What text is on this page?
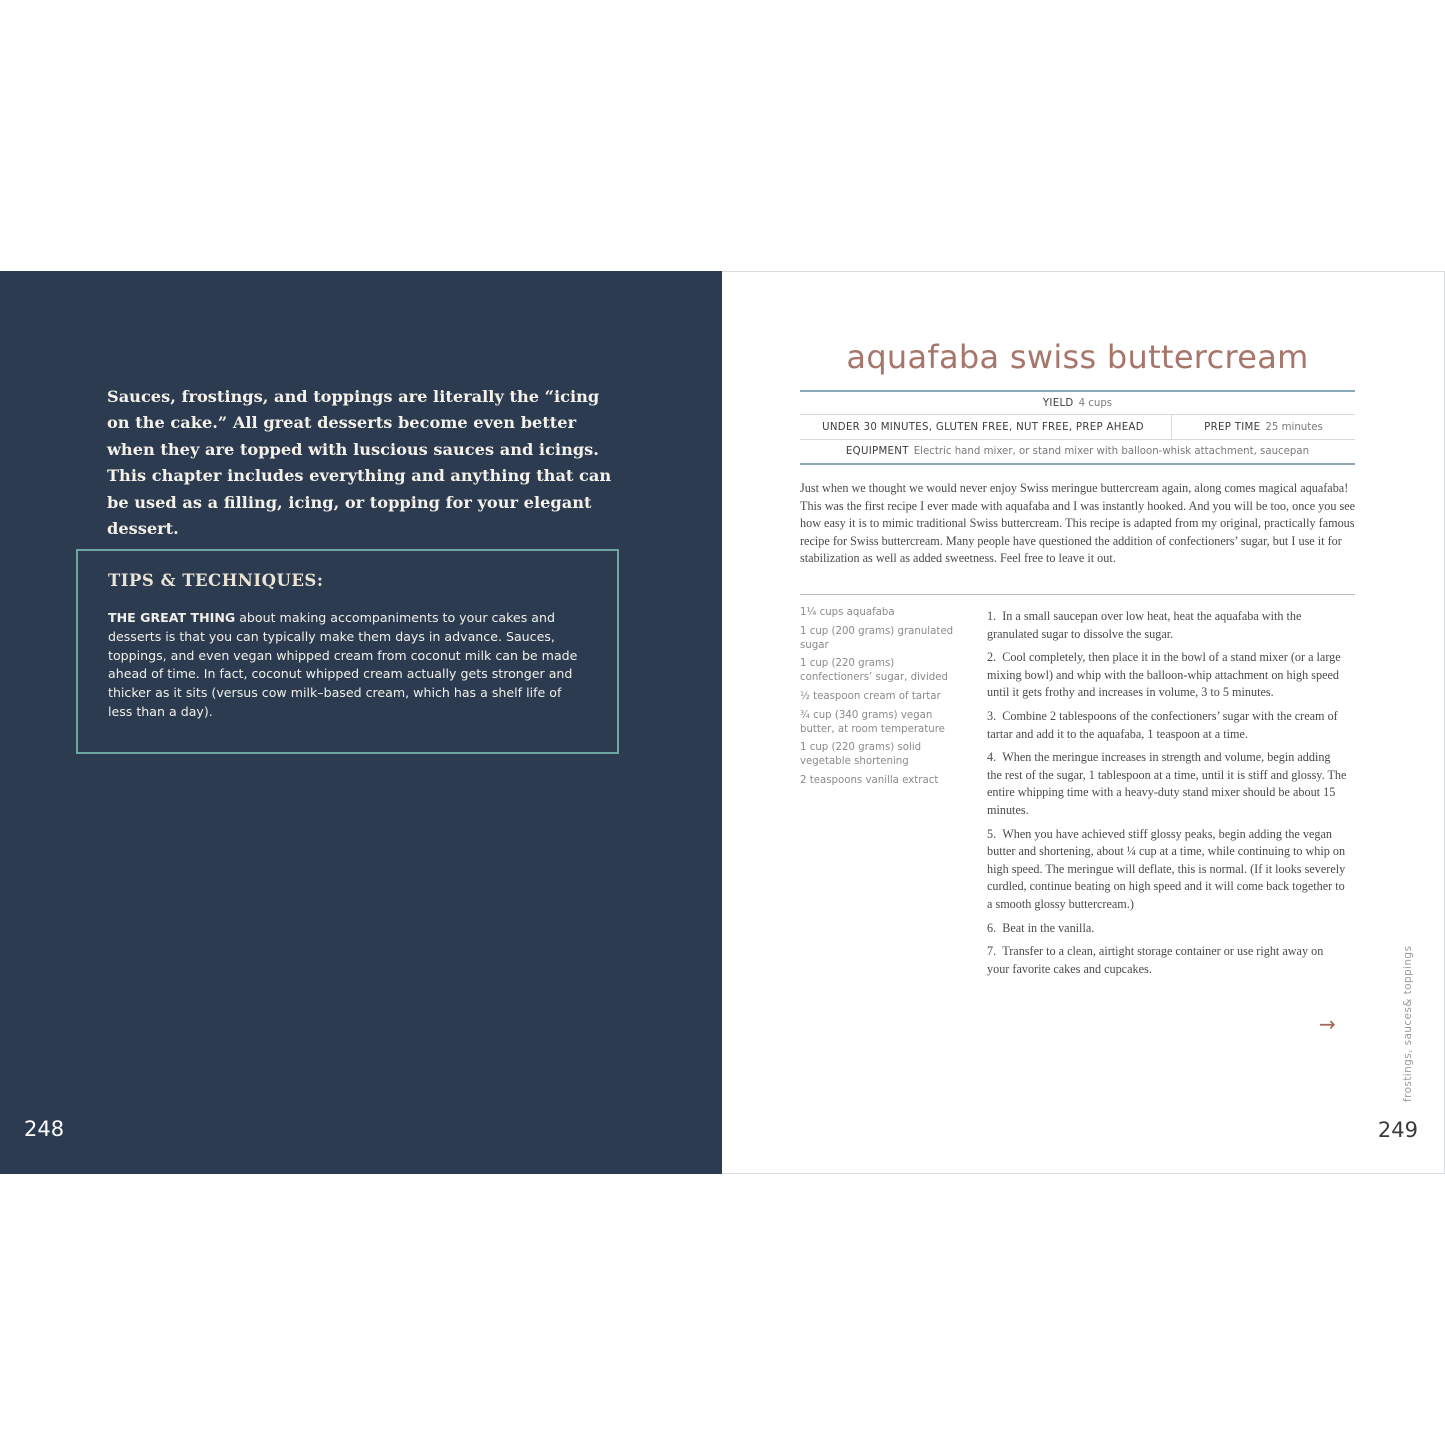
Sauces, frostings, and toppings are literally the “icing on the cake.” All great desserts become even better when they are topped with luscious sauces and icings. This chapter includes everything and anything that can be used as a filling, icing, or topping for your elegant dessert.

TIPS & TECHNIQUES:

THE GREAT THING about making accompaniments to your cakes and desserts is that you can typically make them days in advance. Sauces, toppings, and even vegan whipped cream from coconut milk can be made ahead of time. In fact, coconut whipped cream actually gets stronger and thicker as it sits (versus cow milk–based cream, which has a shelf life of less than a day).

248

aquafaba swiss buttercream
YIELD 4 cups
UNDER 30 MINUTES, GLUTEN FREE, NUT FREE, PREP AHEAD	PREP TIME 25 minutes
EQUIPMENT Electric hand mixer, or stand mixer with balloon-whisk attachment, saucepan

Just when we thought we would never enjoy Swiss meringue buttercream again, along comes magical aquafaba! This was the first recipe I ever made with aquafaba and I was instantly hooked. And you will be too, once you see how easy it is to mimic traditional Swiss buttercream. This recipe is adapted from my original, practically famous recipe for Swiss buttercream. Many people have questioned the addition of confectioners’ sugar, but I use it for stabilization as well as added sweetness. Feel free to leave it out.

1¼ cups aquafaba
1 cup (200 grams) granulated sugar
1 cup (220 grams) confectioners’ sugar, divided
½ teaspoon cream of tartar
¾ cup (340 grams) vegan butter, at room temperature
1 cup (220 grams) solid vegetable shortening
2 teaspoons vanilla extract
1. In a small saucepan over low heat, heat the aquafaba with the granulated sugar to dissolve the sugar.
2. Cool completely, then place it in the bowl of a stand mixer (or a large mixing bowl) and whip with the balloon-whip attachment on high speed until it gets frothy and increases in volume, 3 to 5 minutes.
3. Combine 2 tablespoons of the confectioners’ sugar with the cream of tartar and add it to the aquafaba, 1 teaspoon at a time.
4. When the meringue increases in strength and volume, begin adding the rest of the sugar, 1 tablespoon at a time, until it is stiff and glossy. The entire whipping time with a heavy-duty stand mixer should be about 15 minutes.
5. When you have achieved stiff glossy peaks, begin adding the vegan butter and shortening, about ¼ cup at a time, while continuing to whip on high speed. The meringue will deflate, this is normal. (If it looks severely curdled, continue beating on high speed and it will come back together to a smooth glossy buttercream.)
6. Beat in the vanilla.
7. Transfer to a clean, airtight storage container or use right away on your favorite cakes and cupcakes.
→	frostings, sauces& toppings

249
